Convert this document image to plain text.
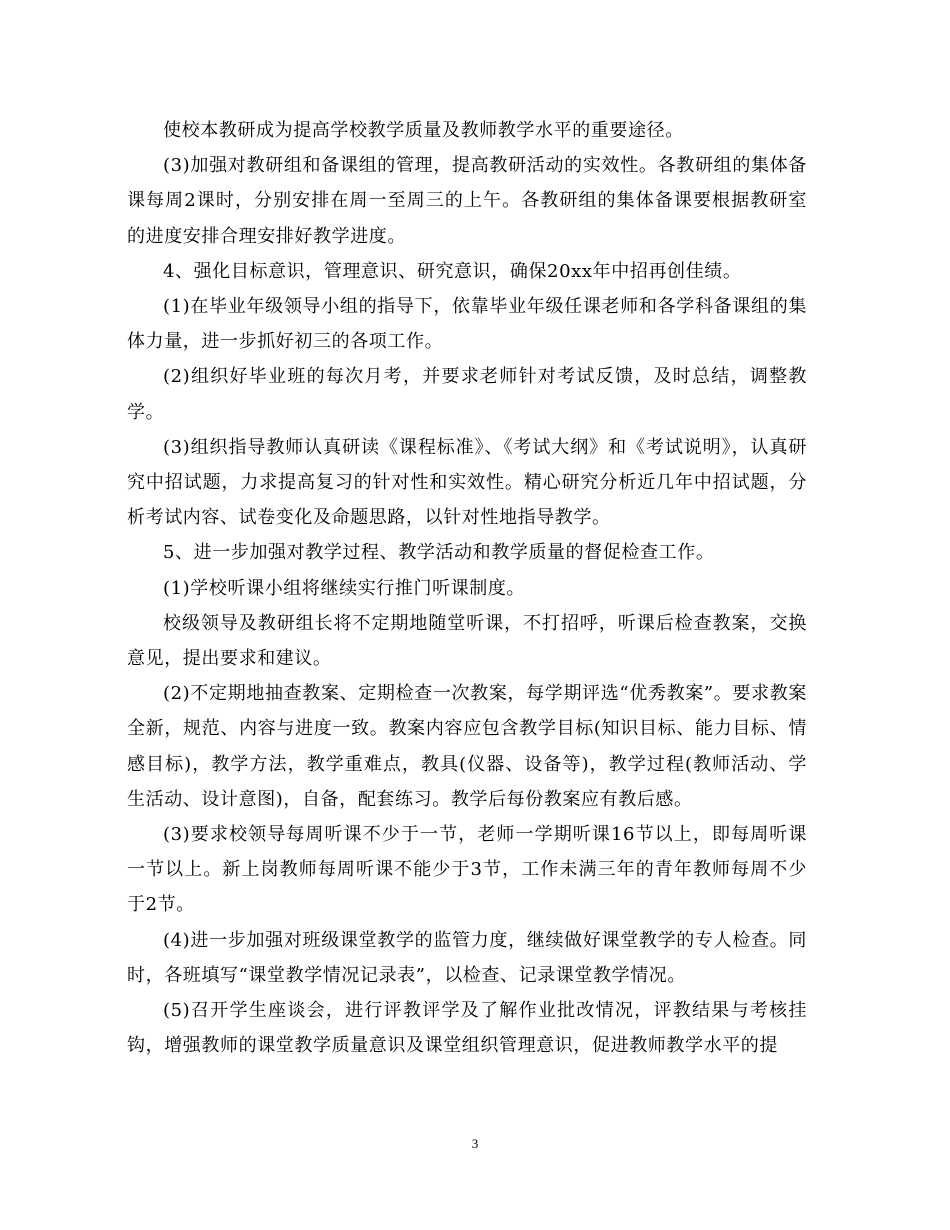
使校本教研成为提高学校教学质量及教师教学水平的重要途径。

(3)加强对教研组和备课组的管理，提高教研活动的实效性。各教研组的集体备课每周2课时，分别安排在周一至周三的上午。各教研组的集体备课要根据教研室的进度安排合理安排好教学进度。

4、强化目标意识，管理意识、研究意识，确保20xx年中招再创佳绩。

(1)在毕业年级领导小组的指导下，依靠毕业年级任课老师和各学科备课组的集体力量，进一步抓好初三的各项工作。

(2)组织好毕业班的每次月考，并要求老师针对考试反馈，及时总结，调整教学。

(3)组织指导教师认真研读《课程标准》、《考试大纲》和《考试说明》，认真研究中招试题，力求提高复习的针对性和实效性。精心研究分析近几年中招试题，分析考试内容、试卷变化及命题思路，以针对性地指导教学。

5、进一步加强对教学过程、教学活动和教学质量的督促检查工作。

(1)学校听课小组将继续实行推门听课制度。

校级领导及教研组长将不定期地随堂听课，不打招呼，听课后检查教案，交换意见，提出要求和建议。

(2)不定期地抽查教案、定期检查一次教案，每学期评选“优秀教案”。要求教案全新，规范、内容与进度一致。教案内容应包含教学目标(知识目标、能力目标、情感目标)，教学方法，教学重难点，教具(仪器、设备等)，教学过程(教师活动、学生活动、设计意图)，自备，配套练习。教学后每份教案应有教后感。

(3)要求校领导每周听课不少于一节，老师一学期听课16节以上，即每周听课一节以上。新上岗教师每周听课不能少于3节，工作未满三年的青年教师每周不少于2节。

(4)进一步加强对班级课堂教学的监管力度，继续做好课堂教学的专人检查。同时，各班填写“课堂教学情况记录表”，以检查、记录课堂教学情况。

(5)召开学生座谈会，进行评教评学及了解作业批改情况，评教结果与考核挂钩，增强教师的课堂教学质量意识及课堂组织管理意识，促进教师教学水平的提

3
